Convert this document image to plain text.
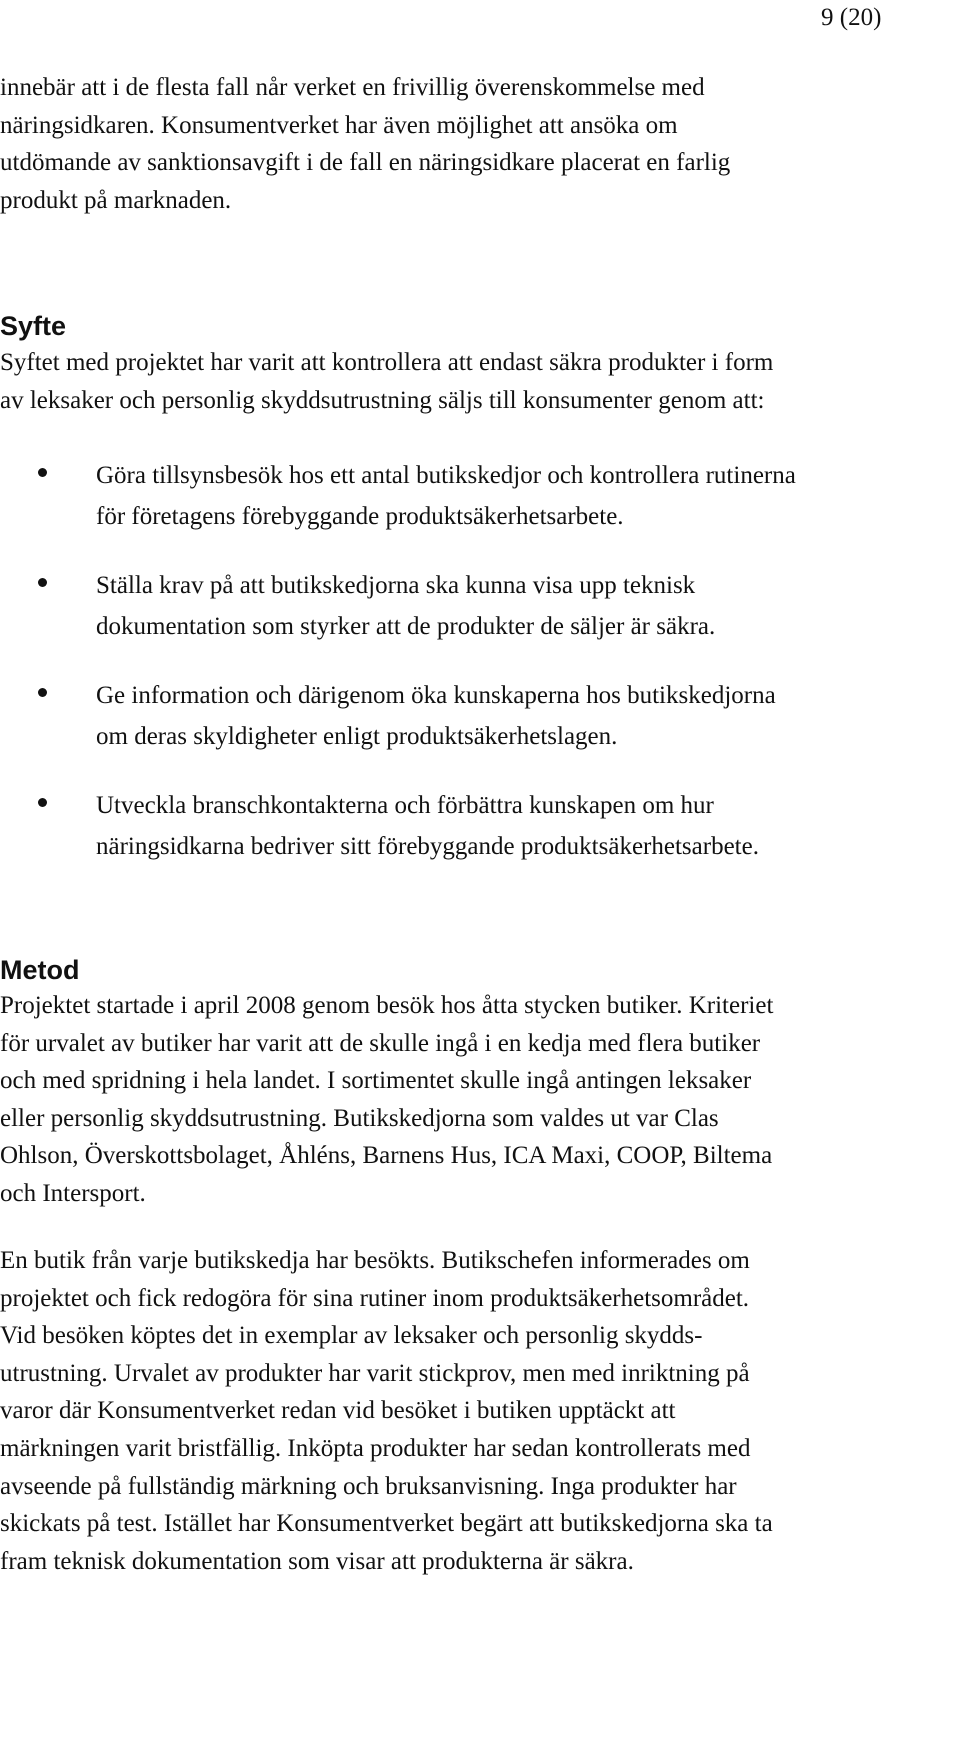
9 (20)

innebär att i de flesta fall når verket en frivillig överenskommelse med
näringsidkaren. Konsumentverket har även möjlighet att ansöka om
utdömande av sanktionsavgift i de fall en näringsidkare placerat en farlig
produkt på marknaden.

Syfte

Syftet med projektet har varit att kontrollera att endast säkra produkter i form
av leksaker och personlig skyddsutrustning säljs till konsumenter genom att:

Göra tillsynsbesök hos ett antal butikskedjor och kontrollera rutinerna
för företagens förebyggande produktsäkerhetsarbete.
Ställa krav på att butikskedjorna ska kunna visa upp teknisk
dokumentation som styrker att de produkter de säljer är säkra.
Ge information och därigenom öka kunskaperna hos butikskedjorna
om deras skyldigheter enligt produktsäkerhetslagen.
Utveckla branschkontakterna och förbättra kunskapen om hur
näringsidkarna bedriver sitt förebyggande produktsäkerhetsarbete.
Metod

Projektet startade i april 2008 genom besök hos åtta stycken butiker. Kriteriet
för urvalet av butiker har varit att de skulle ingå i en kedja med flera butiker
och med spridning i hela landet. I sortimentet skulle ingå antingen leksaker
eller personlig skyddsutrustning. Butikskedjorna som valdes ut var Clas
Ohlson, Överskottsbolaget, Åhléns, Barnens Hus, ICA Maxi, COOP, Biltema
och Intersport.

En butik från varje butikskedja har besökts. Butikschefen informerades om
projektet och fick redogöra för sina rutiner inom produktsäkerhetsområdet.
Vid besöken köptes det in exemplar av leksaker och personlig skydds-
utrustning. Urvalet av produkter har varit stickprov, men med inriktning på
varor där Konsumentverket redan vid besöket i butiken upptäckt att
märkningen varit bristfällig. Inköpta produkter har sedan kontrollerats med
avseende på fullständig märkning och bruksanvisning. Inga produkter har
skickats på test. Istället har Konsumentverket begärt att butikskedjorna ska ta
fram teknisk dokumentation som visar att produkterna är säkra.
